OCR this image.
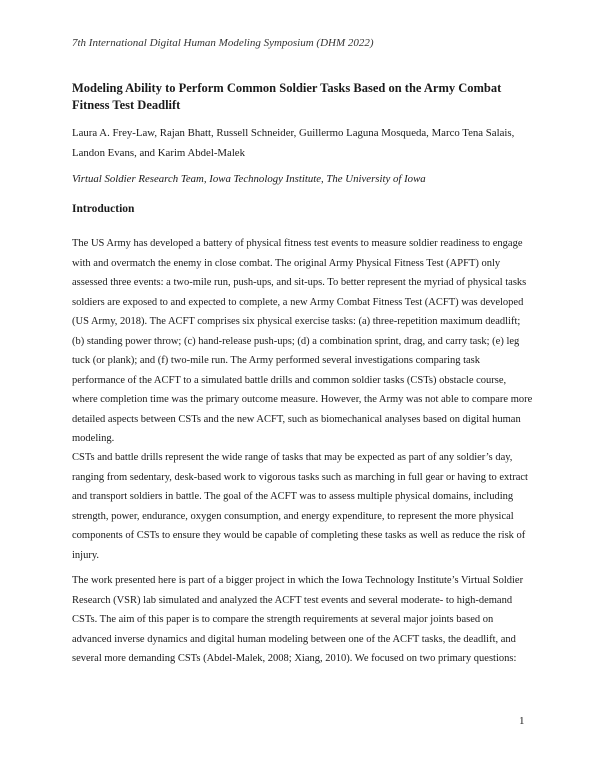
7th International Digital Human Modeling Symposium (DHM 2022)
Modeling Ability to Perform Common Soldier Tasks Based on the Army Combat Fitness Test Deadlift
Laura A. Frey-Law, Rajan Bhatt, Russell Schneider, Guillermo Laguna Mosqueda, Marco Tena Salais, Landon Evans, and Karim Abdel-Malek
Virtual Soldier Research Team, Iowa Technology Institute, The University of Iowa
Introduction
The US Army has developed a battery of physical fitness test events to measure soldier readiness to engage with and overmatch the enemy in close combat. The original Army Physical Fitness Test (APFT) only assessed three events: a two-mile run, push-ups, and sit-ups. To better represent the myriad of physical tasks soldiers are exposed to and expected to complete, a new Army Combat Fitness Test (ACFT) was developed (US Army, 2018). The ACFT comprises six physical exercise tasks: (a) three-repetition maximum deadlift; (b) standing power throw; (c) hand-release push-ups; (d) a combination sprint, drag, and carry task; (e) leg tuck (or plank); and (f) two-mile run. The Army performed several investigations comparing task performance of the ACFT to a simulated battle drills and common soldier tasks (CSTs) obstacle course, where completion time was the primary outcome measure. However, the Army was not able to compare more detailed aspects between CSTs and the new ACFT, such as biomechanical analyses based on digital human modeling.
CSTs and battle drills represent the wide range of tasks that may be expected as part of any soldier’s day, ranging from sedentary, desk-based work to vigorous tasks such as marching in full gear or having to extract and transport soldiers in battle. The goal of the ACFT was to assess multiple physical domains, including strength, power, endurance, oxygen consumption, and energy expenditure, to represent the more physical components of CSTs to ensure they would be capable of completing these tasks as well as reduce the risk of injury.
The work presented here is part of a bigger project in which the Iowa Technology Institute’s Virtual Soldier Research (VSR) lab simulated and analyzed the ACFT test events and several moderate- to high-demand CSTs. The aim of this paper is to compare the strength requirements at several major joints based on advanced inverse dynamics and digital human modeling between one of the ACFT tasks, the deadlift, and several more demanding CSTs (Abdel-Malek, 2008; Xiang, 2010). We focused on two primary questions:
1
